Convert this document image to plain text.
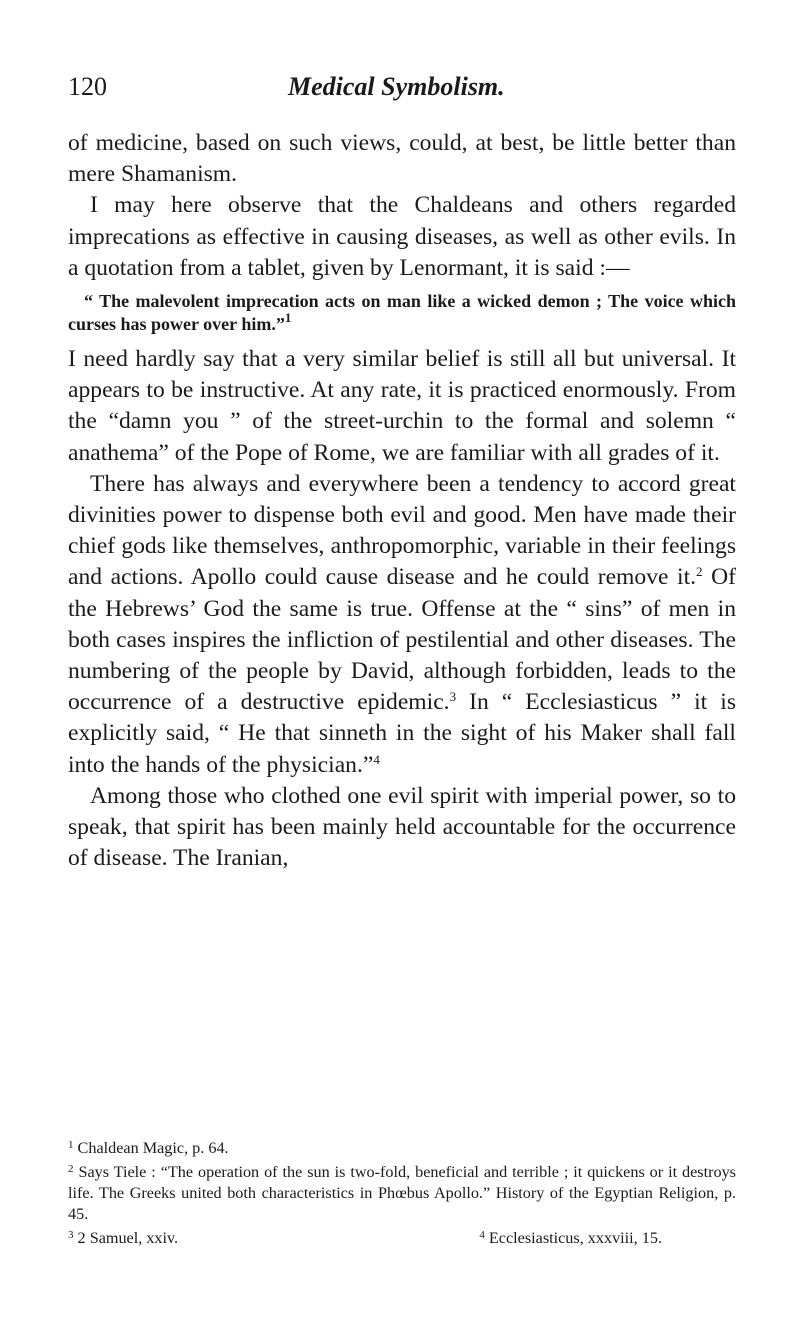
120	Medical Symbolism.

of medicine, based on such views, could, at best, be little better than mere Shamanism.

I may here observe that the Chaldeans and others regarded imprecations as effective in causing diseases, as well as other evils. In a quotation from a tablet, given by Lenormant, it is said :—

“ The malevolent imprecation acts on man like a wicked demon ; The voice which curses has power over him.”$^1$

I need hardly say that a very similar belief is still all but universal. It appears to be instructive. At any rate, it is practiced enormously. From the “damn you ” of the street-urchin to the formal and solemn “ anathema” of the Pope of Rome, we are familiar with all grades of it.

There has always and everywhere been a tendency to accord great divinities power to dispense both evil and good. Men have made their chief gods like themselves, anthropomorphic, variable in their feelings and actions. Apollo could cause disease and he could remove it.$^2$ Of the Hebrews’ God the same is true. Offense at the “ sins” of men in both cases inspires the infliction of pestilential and other diseases. The numbering of the people by David, although forbidden, leads to the occurrence of a destructive epidemic.$^3$ In “ Ecclesiasticus ” it is explicitly said, “ He that sinneth in the sight of his Maker shall fall into the hands of the physician.”$^4$

Among those who clothed one evil spirit with imperial power, so to speak, that spirit has been mainly held accountable for the occurrence of disease. The Iranian,

$^1$ Chaldean Magic, p. 64.

$^2$ Says Tiele : “The operation of the sun is two-fold, beneficial and terrible ; it quickens or it destroys life. The Greeks united both characteristics in Phœbus Apollo.” History of the Egyptian Religion, p. 45.

$^3$ 2 Samuel, xxiv.	$^4$ Ecclesiasticus, xxxviii, 15.
